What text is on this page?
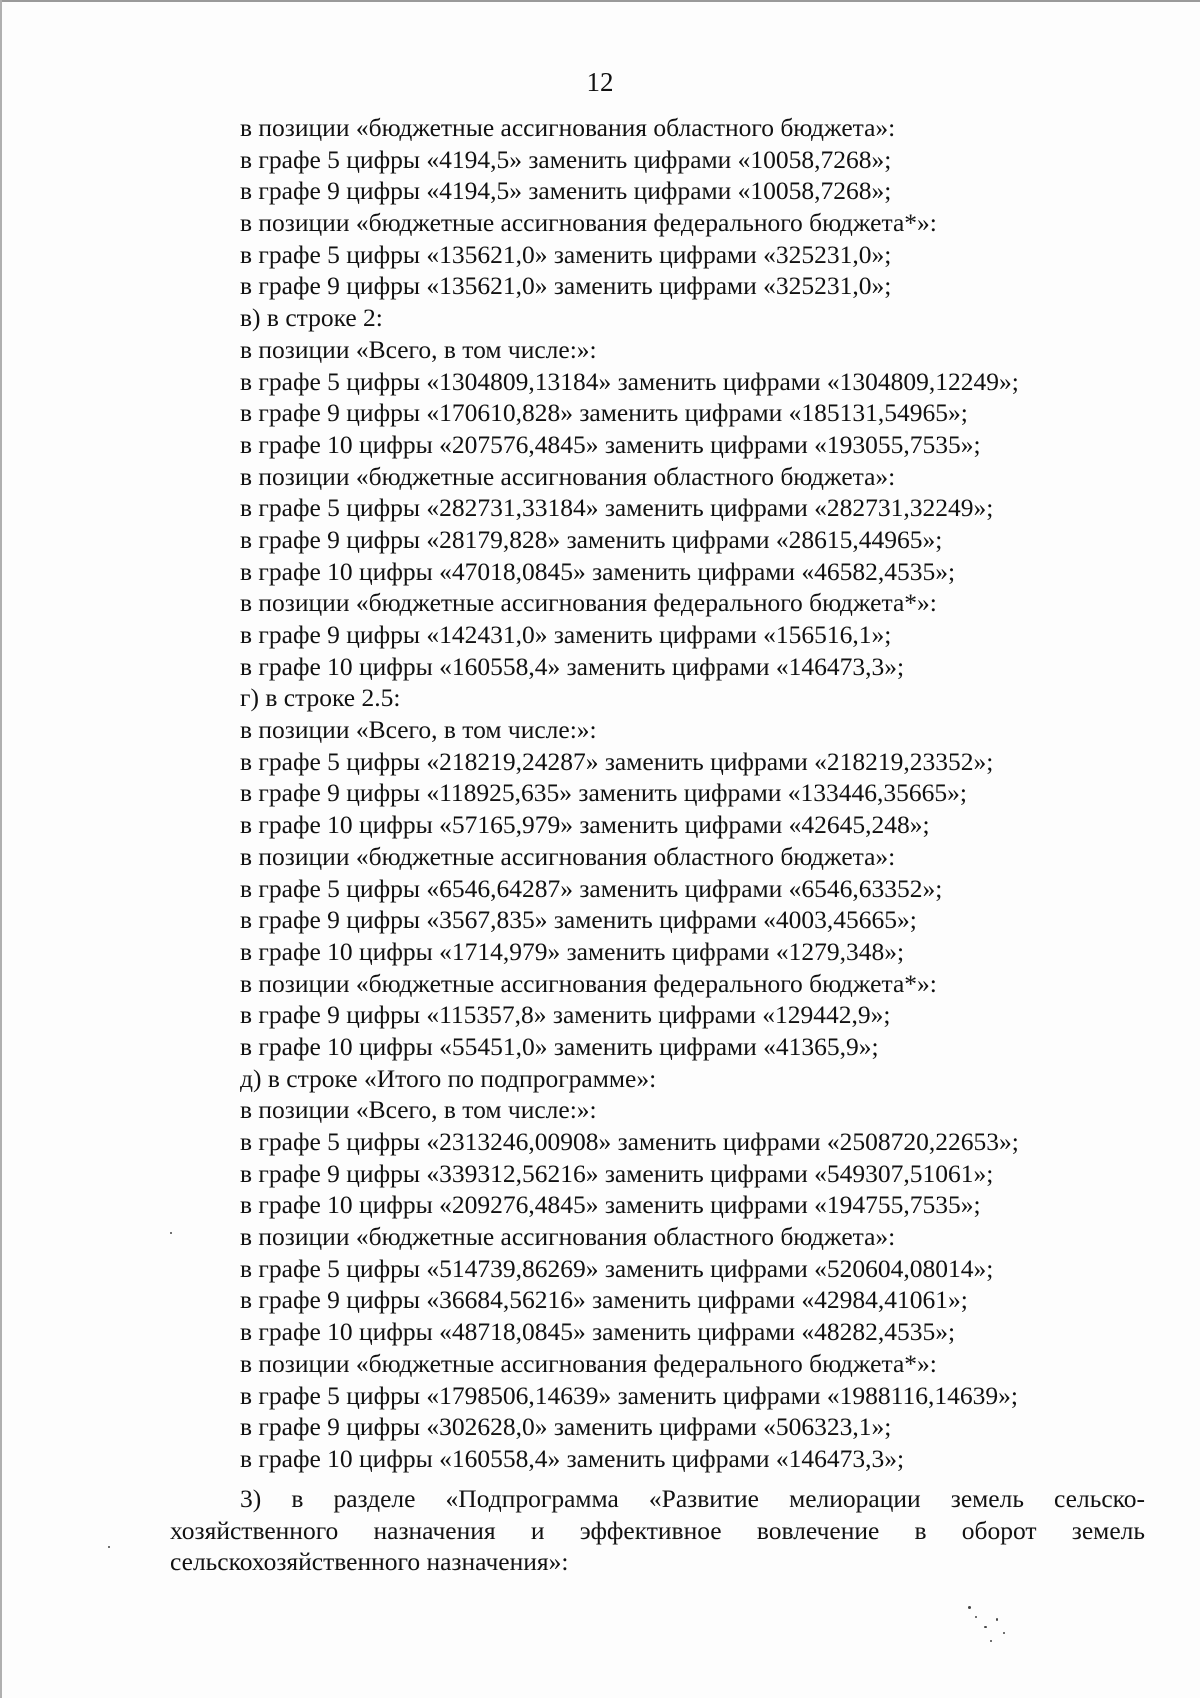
12
в позиции «бюджетные ассигнования областного бюджета»:
в графе 5 цифры «4194,5» заменить цифрами «10058,7268»;
в графе 9 цифры «4194,5» заменить цифрами «10058,7268»;
в позиции «бюджетные ассигнования федерального бюджета*»:
в графе 5 цифры «135621,0» заменить цифрами «325231,0»;
в графе 9 цифры «135621,0» заменить цифрами «325231,0»;
в) в строке 2:
в позиции «Всего, в том числе:»:
в графе 5 цифры «1304809,13184» заменить цифрами «1304809,12249»;
в графе 9 цифры «170610,828» заменить цифрами «185131,54965»;
в графе 10 цифры «207576,4845» заменить цифрами «193055,7535»;
в позиции «бюджетные ассигнования областного бюджета»:
в графе 5 цифры «282731,33184» заменить цифрами «282731,32249»;
в графе 9 цифры «28179,828» заменить цифрами «28615,44965»;
в графе 10 цифры «47018,0845» заменить цифрами «46582,4535»;
в позиции «бюджетные ассигнования федерального бюджета*»:
в графе 9 цифры «142431,0» заменить цифрами «156516,1»;
в графе 10 цифры «160558,4» заменить цифрами «146473,3»;
г) в строке 2.5:
в позиции «Всего, в том числе:»:
в графе 5 цифры «218219,24287» заменить цифрами «218219,23352»;
в графе 9 цифры «118925,635» заменить цифрами «133446,35665»;
в графе 10 цифры «57165,979» заменить цифрами «42645,248»;
в позиции «бюджетные ассигнования областного бюджета»:
в графе 5 цифры «6546,64287» заменить цифрами «6546,63352»;
в графе 9 цифры «3567,835» заменить цифрами «4003,45665»;
в графе 10 цифры «1714,979» заменить цифрами «1279,348»;
в позиции «бюджетные ассигнования федерального бюджета*»:
в графе 9 цифры «115357,8» заменить цифрами «129442,9»;
в графе 10 цифры «55451,0» заменить цифрами «41365,9»;
д) в строке «Итого по подпрограмме»:
в позиции «Всего, в том числе:»:
в графе 5 цифры «2313246,00908» заменить цифрами «2508720,22653»;
в графе 9 цифры «339312,56216» заменить цифрами «549307,51061»;
в графе 10 цифры «209276,4845» заменить цифрами «194755,7535»;
в позиции «бюджетные ассигнования областного бюджета»:
в графе 5 цифры «514739,86269» заменить цифрами «520604,08014»;
в графе 9 цифры «36684,56216» заменить цифрами «42984,41061»;
в графе 10 цифры «48718,0845» заменить цифрами «48282,4535»;
в позиции «бюджетные ассигнования федерального бюджета*»:
в графе 5 цифры «1798506,14639» заменить цифрами «1988116,14639»;
в графе 9 цифры «302628,0» заменить цифрами «506323,1»;
в графе 10 цифры «160558,4» заменить цифрами «146473,3»;

3) в разделе «Подпрограмма «Развитие мелиорации земель сельско-
хозяйственного назначения и эффективное вовлечение в оборот земель
сельскохозяйственного назначения»:
